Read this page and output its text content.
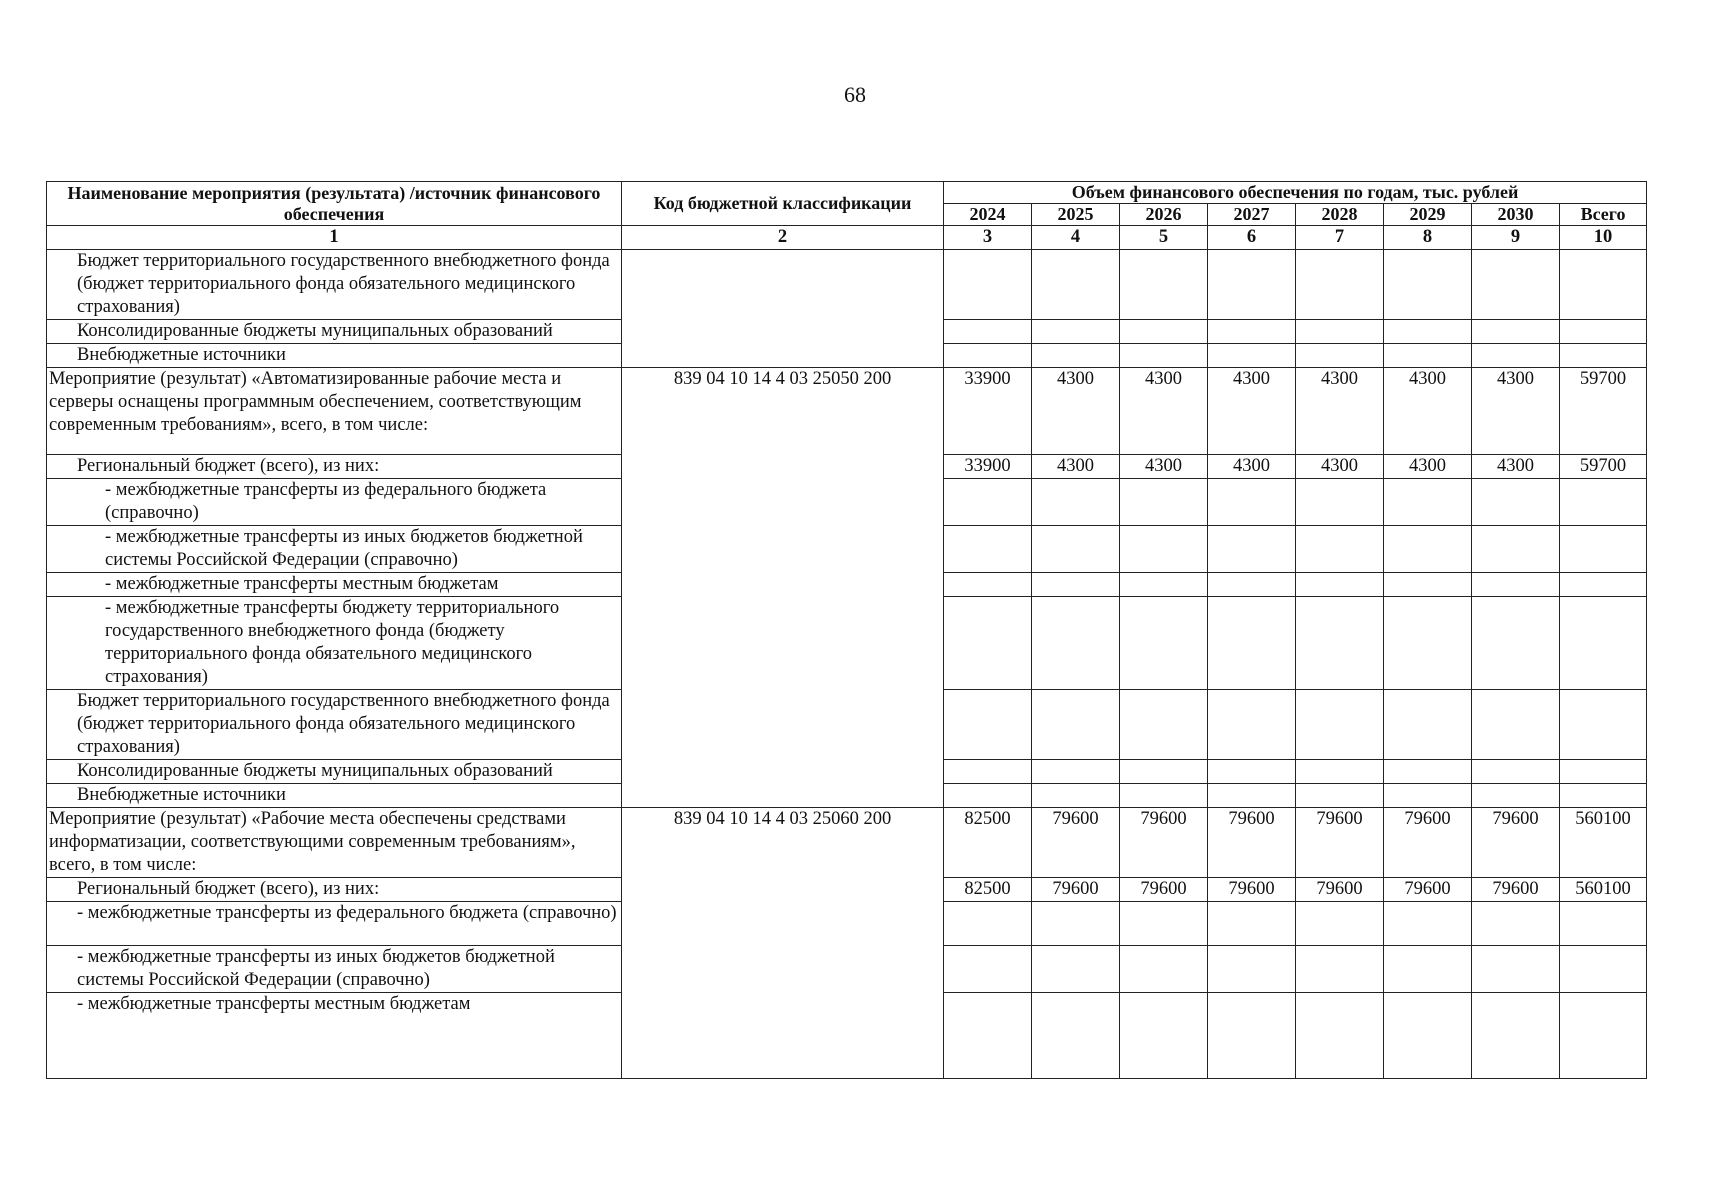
68
Наименование мероприятия (результата) /источник финансового обеспечения	Код бюджетной классификации	Объем финансового обеспечения по годам, тыс. рублей							
		2024	2025	2026	2027	2028	2029	2030	Всего
1	2	3	4	5	6	7	8	9	10
Бюджет территориального государственного внебюджетного фонда (бюджет территориального фонда обязательного медицинского страхования)									
Консолидированные бюджеты муниципальных образований									
Внебюджетные источники									
Мероприятие (результат) «Автоматизированные рабочие места и серверы оснащены программным обеспечением, соответствующим современным требованиям», всего, в том числе:	839 04 10 14 4 03 25050 200	33900	4300	4300	4300	4300	4300	4300	59700
Региональный бюджет (всего), из них:		33900	4300	4300	4300	4300	4300	4300	59700
- межбюджетные трансферты из федерального бюджета (справочно)									
- межбюджетные трансферты из иных бюджетов бюджетной системы Российской Федерации (справочно)									
- межбюджетные трансферты местным бюджетам									
- межбюджетные трансферты бюджету территориального государственного внебюджетного фонда (бюджету территориального фонда обязательного медицинского страхования)									
Бюджет территориального государственного внебюджетного фонда (бюджет территориального фонда обязательного медицинского страхования)									
Консолидированные бюджеты муниципальных образований									
Внебюджетные источники									
Мероприятие (результат) «Рабочие места обеспечены средствами информатизации, соответствующими современным требованиям», всего, в том числе:	839 04 10 14 4 03 25060 200	82500	79600	79600	79600	79600	79600	79600	560100
Региональный бюджет (всего), из них:		82500	79600	79600	79600	79600	79600	79600	560100
- межбюджетные трансферты из федерального бюджета (справочно)									
- межбюджетные трансферты из иных бюджетов бюджетной системы Российской Федерации (справочно)									
- межбюджетные трансферты местным бюджетам									
